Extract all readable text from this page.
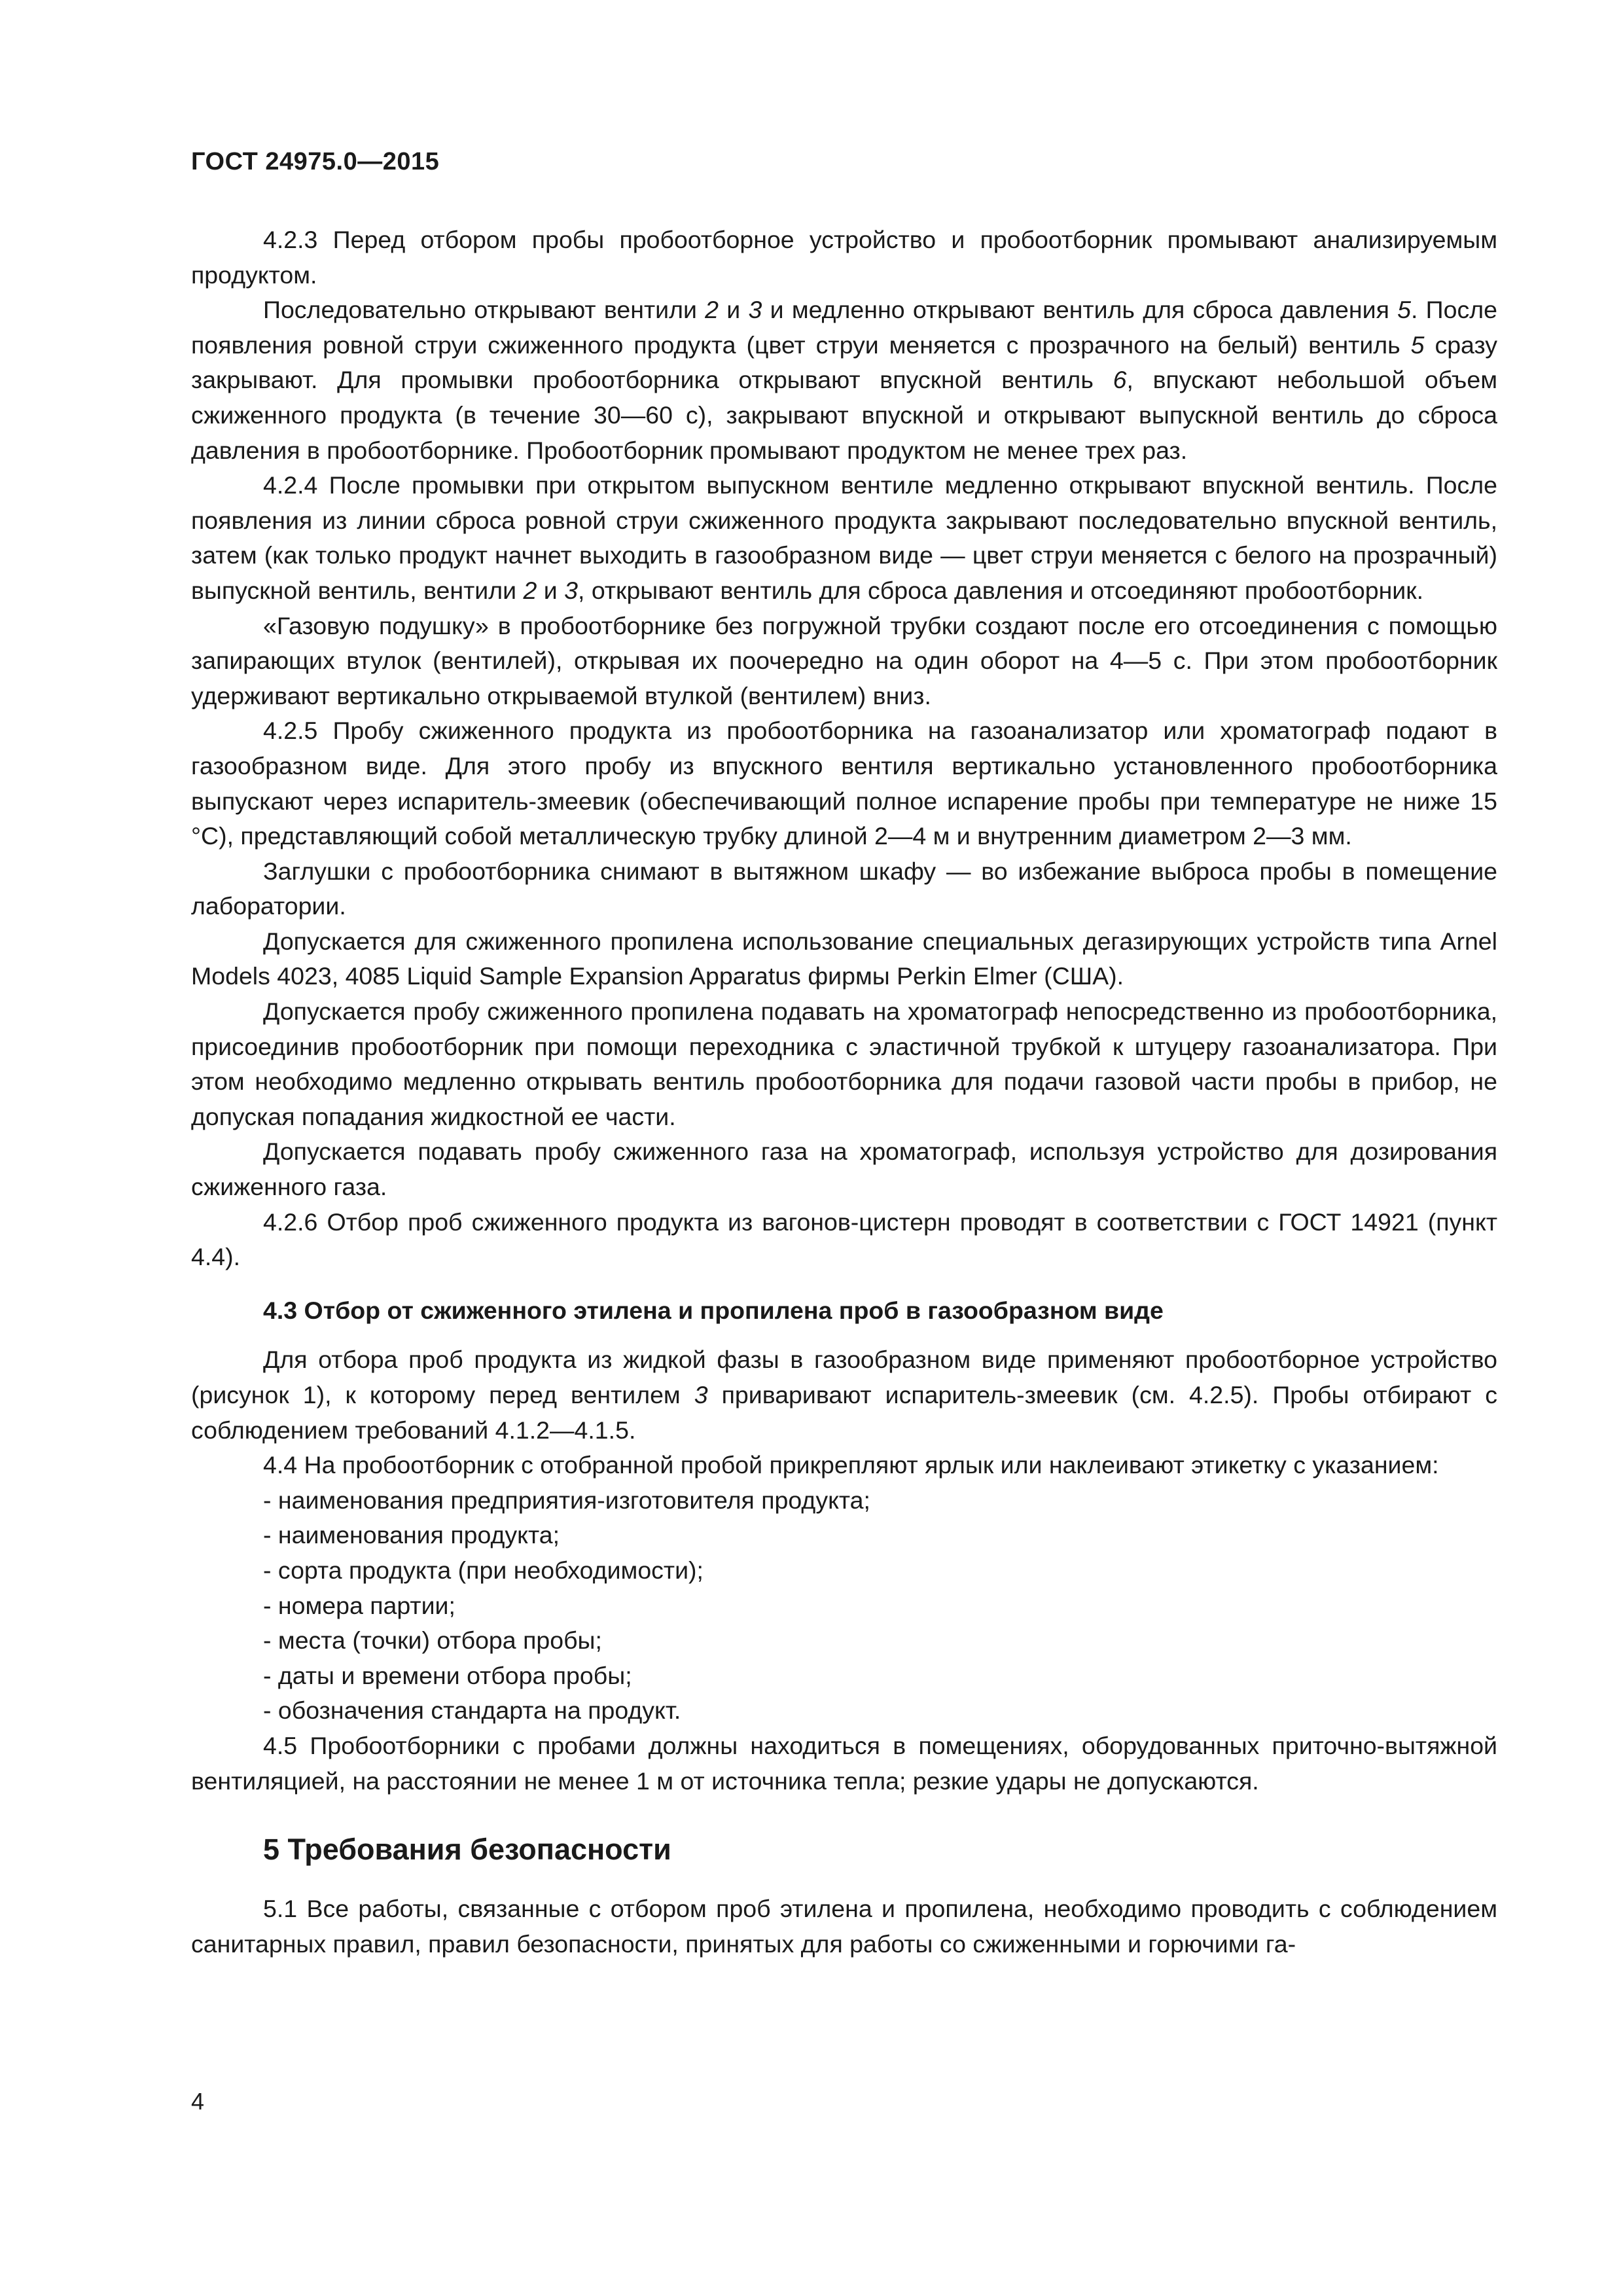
ГОСТ 24975.0—2015

4.2.3 Перед отбором пробы пробоотборное устройство и пробоотборник промывают анализируемым продуктом.

Последовательно открывают вентили 2 и 3 и медленно открывают вентиль для сброса давления 5. После появления ровной струи сжиженного продукта (цвет струи меняется с прозрачного на белый) вентиль 5 сразу закрывают. Для промывки пробоотборника открывают впускной вентиль 6, впускают небольшой объем сжиженного продукта (в течение 30—60 с), закрывают впускной и открывают выпускной вентиль до сброса давления в пробоотборнике. Пробоотборник промывают продуктом не менее трех раз.

4.2.4 После промывки при открытом выпускном вентиле медленно открывают впускной вентиль. После появления из линии сброса ровной струи сжиженного продукта закрывают последовательно впускной вентиль, затем (как только продукт начнет выходить в газообразном виде — цвет струи меняется с белого на прозрачный) выпускной вентиль, вентили 2 и 3, открывают вентиль для сброса давления и отсоединяют пробоотборник.

«Газовую подушку» в пробоотборнике без погружной трубки создают после его отсоединения с помощью запирающих втулок (вентилей), открывая их поочередно на один оборот на 4—5 с. При этом пробоотборник удерживают вертикально открываемой втулкой (вентилем) вниз.

4.2.5 Пробу сжиженного продукта из пробоотборника на газоанализатор или хроматограф подают в газообразном виде. Для этого пробу из впускного вентиля вертикально установленного пробоотборника выпускают через испаритель-змеевик (обеспечивающий полное испарение пробы при температуре не ниже 15 °С), представляющий собой металлическую трубку длиной 2—4 м и внутренним диаметром 2—3 мм.

Заглушки с пробоотборника снимают в вытяжном шкафу — во избежание выброса пробы в помещение лаборатории.

Допускается для сжиженного пропилена использование специальных дегазирующих устройств типа Arnel Models 4023, 4085 Liquid Sample Expansion Apparatus фирмы Perkin Elmer (США).

Допускается пробу сжиженного пропилена подавать на хроматограф непосредственно из пробоотборника, присоединив пробоотборник при помощи переходника с эластичной трубкой к штуцеру газоанализатора. При этом необходимо медленно открывать вентиль пробоотборника для подачи газовой части пробы в прибор, не допуская попадания жидкостной ее части.

Допускается подавать пробу сжиженного газа на хроматограф, используя устройство для дозирования сжиженного газа.

4.2.6 Отбор проб сжиженного продукта из вагонов-цистерн проводят в соответствии с ГОСТ 14921 (пункт 4.4).

4.3 Отбор от сжиженного этилена и пропилена проб в газообразном виде

Для отбора проб продукта из жидкой фазы в газообразном виде применяют пробоотборное устройство (рисунок 1), к которому перед вентилем 3 приваривают испаритель-змеевик (см. 4.2.5). Пробы отбирают с соблюдением требований 4.1.2—4.1.5.

4.4 На пробоотборник с отобранной пробой прикрепляют ярлык или наклеивают этикетку с указанием:

- наименования предприятия-изготовителя продукта;

- наименования продукта;

- сорта продукта (при необходимости);

- номера партии;

- места (точки) отбора пробы;

- даты и времени отбора пробы;

- обозначения стандарта на продукт.

4.5 Пробоотборники с пробами должны находиться в помещениях, оборудованных приточно-вытяжной вентиляцией, на расстоянии не менее 1 м от источника тепла; резкие удары не допускаются.

5 Требования безопасности

5.1 Все работы, связанные с отбором проб этилена и пропилена, необходимо проводить с соблюдением санитарных правил, правил безопасности, принятых для работы со сжиженными и горючими га-

4
